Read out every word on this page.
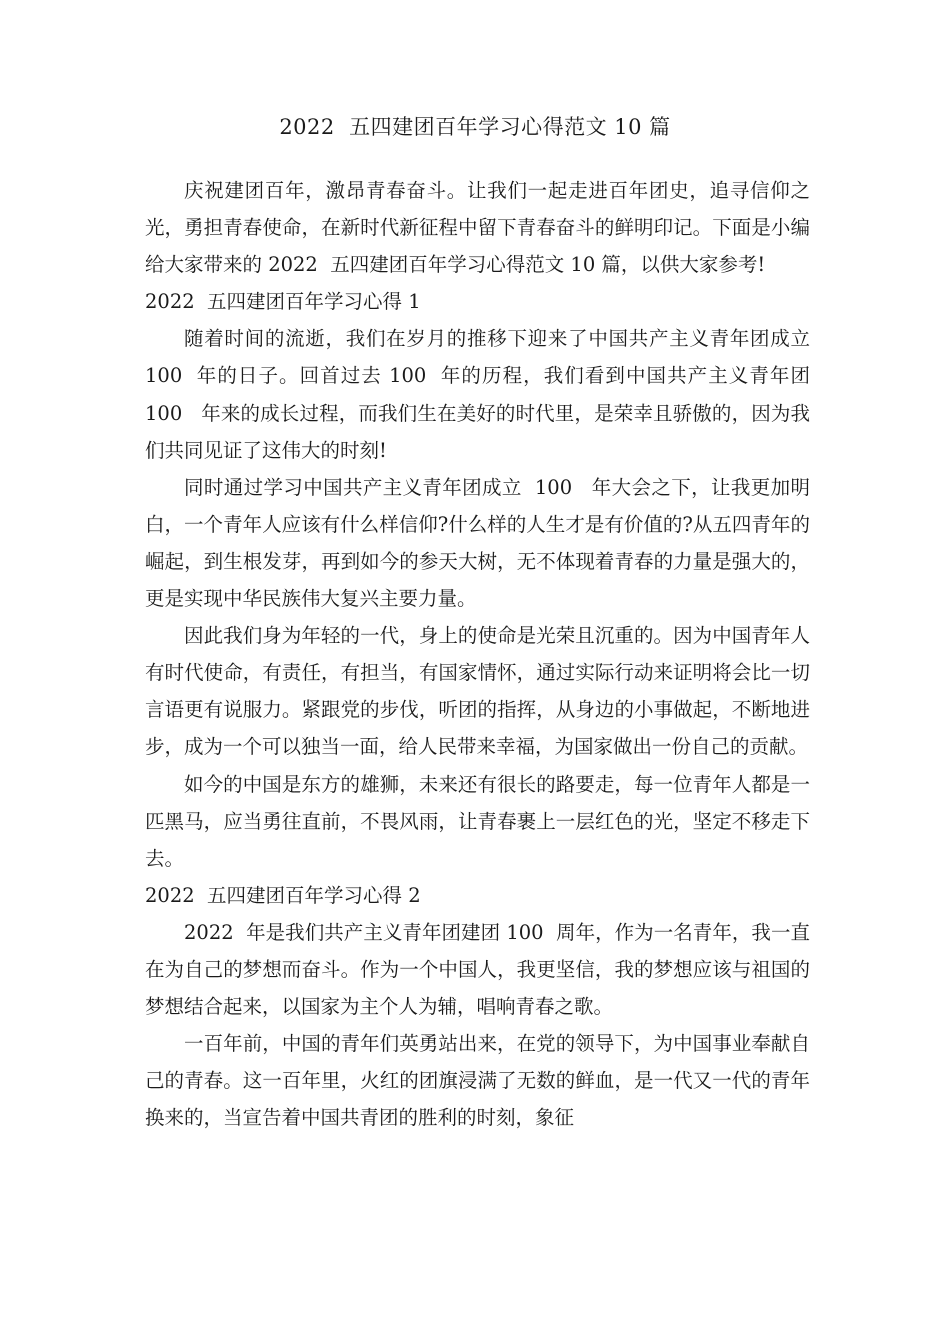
2022  五四建团百年学习心得范文 10 篇

庆祝建团百年，激昂青春奋斗。让我们一起走进百年团史，追寻信仰之光，勇担青春使命，在新时代新征程中留下青春奋斗的鲜明印记。下面是小编给大家带来的 2022  五四建团百年学习心得范文 10 篇，以供大家参考!

2022  五四建团百年学习心得 1

随着时间的流逝，我们在岁月的推移下迎来了中国共产主义青年团成立 100  年的日子。回首过去 100  年的历程，我们看到中国共产主义青年团  100   年来的成长过程，而我们生在美好的时代里，是荣幸且骄傲的，因为我们共同见证了这伟大的时刻!

同时通过学习中国共产主义青年团成立  100   年大会之下，让我更加明白，一个青年人应该有什么样信仰?什么样的人生才是有价值的?从五四青年的崛起，到生根发芽，再到如今的参天大树，无不体现着青春的力量是强大的，更是实现中华民族伟大复兴主要力量。

因此我们身为年轻的一代，身上的使命是光荣且沉重的。因为中国青年人有时代使命，有责任，有担当，有国家情怀，通过实际行动来证明将会比一切言语更有说服力。紧跟党的步伐，听团的指挥，从身边的小事做起，不断地进步，成为一个可以独当一面，给人民带来幸福，为国家做出一份自己的贡献。

如今的中国是东方的雄狮，未来还有很长的路要走，每一位青年人都是一匹黑马，应当勇往直前，不畏风雨，让青春裹上一层红色的光，坚定不移走下去。

2022  五四建团百年学习心得 2

2022  年是我们共产主义青年团建团 100  周年，作为一名青年，我一直在为自己的梦想而奋斗。作为一个中国人，我更坚信，我的梦想应该与祖国的梦想结合起来，以国家为主个人为辅，唱响青春之歌。

一百年前，中国的青年们英勇站出来，在党的领导下，为中国事业奉献自己的青春。这一百年里，火红的团旗浸满了无数的鲜血，是一代又一代的青年换来的，当宣告着中国共青团的胜利的时刻，象征
